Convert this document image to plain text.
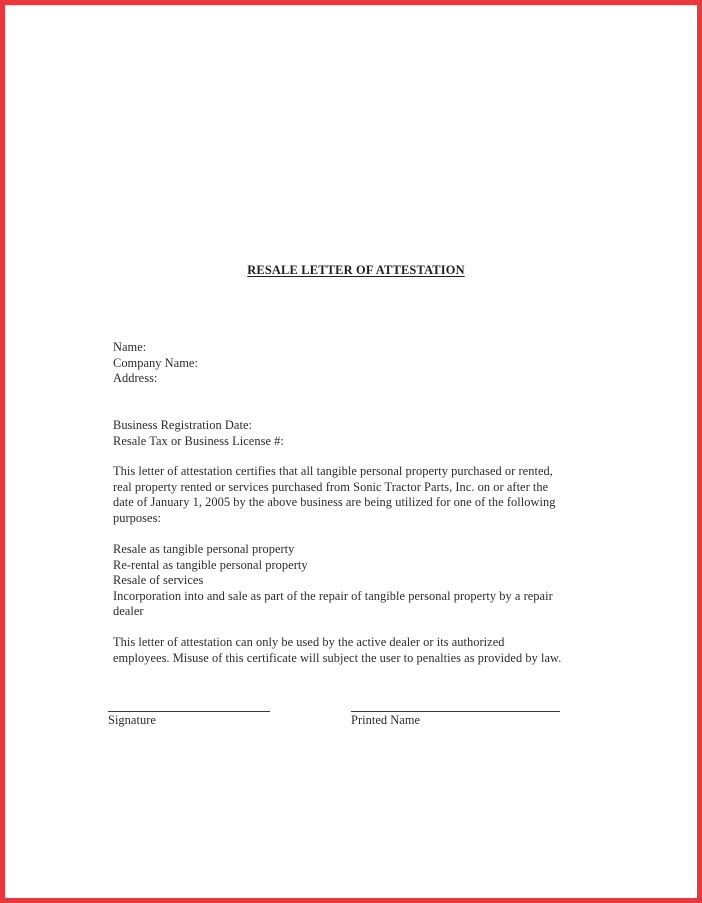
RESALE LETTER OF ATTESTATION
Name:
Company Name:
Address:
Business Registration Date:
Resale Tax or Business License #:
This letter of attestation certifies that all tangible personal property purchased or rented,
real property rented or services purchased from Sonic Tractor Parts, Inc. on or after the
date of January 1, 2005 by the above business are being utilized for one of the following
purposes:
Resale as tangible personal property
Re-rental as tangible personal property
Resale of services
Incorporation into and sale as part of the repair of tangible personal property by a repair
dealer
This letter of attestation can only be used by the active dealer or its authorized
employees. Misuse of this certificate will subject the user to penalties as provided by law.
Signature	Printed Name
